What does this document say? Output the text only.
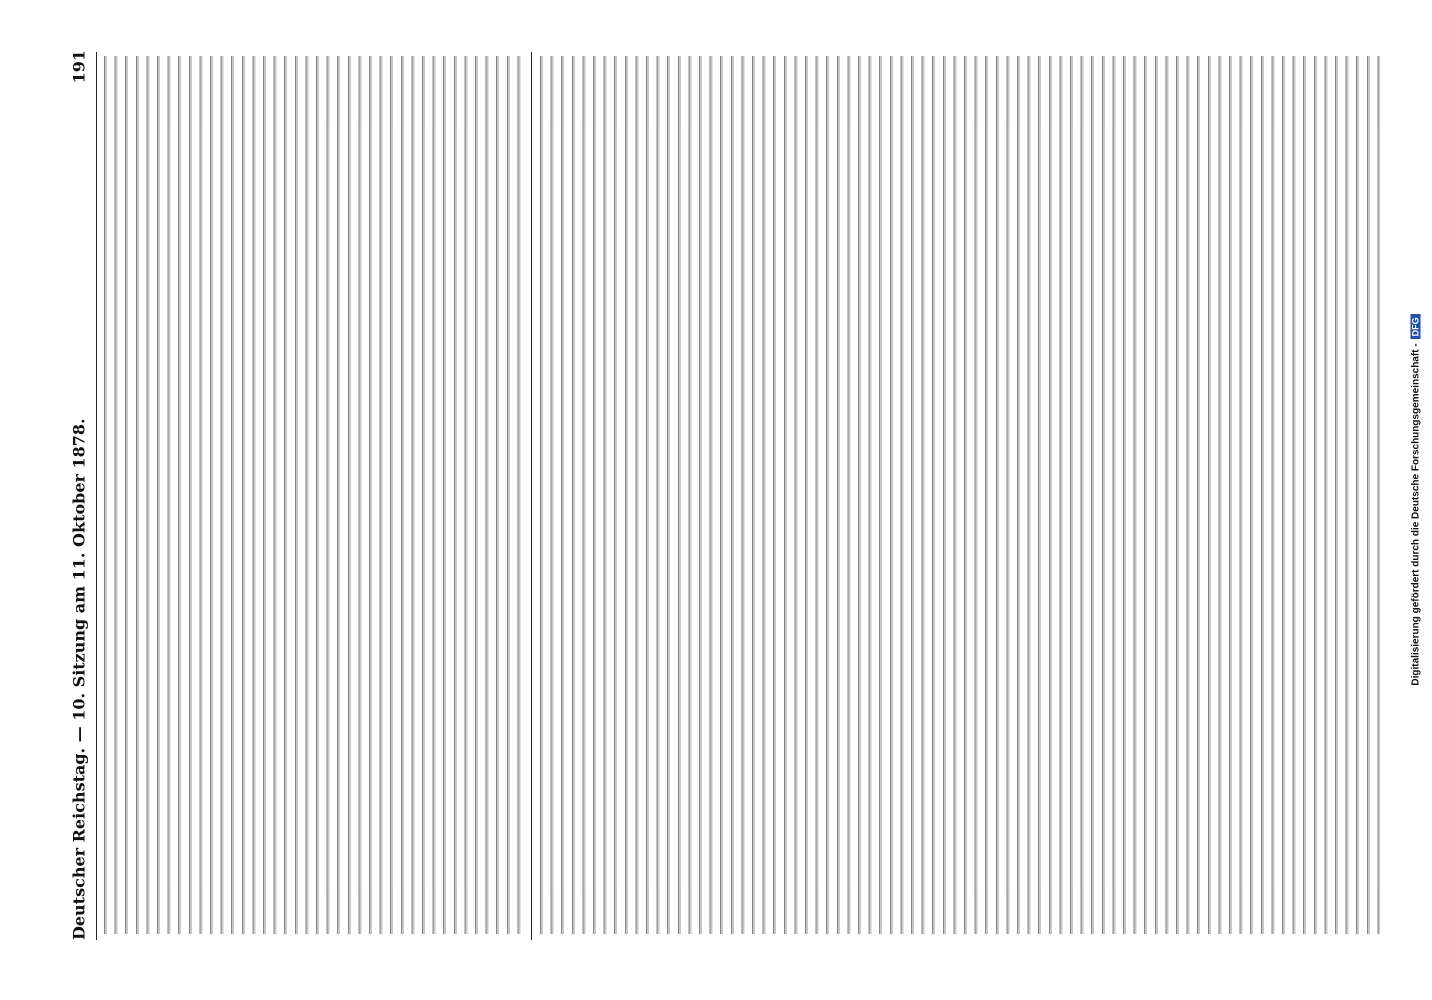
Deutscher Reichstag. — 10. Sitzung am 11. Oktober 1878.
191
Digitalisierung gefördert durch die Deutsche Forschungsgemeinschaft -DFG
